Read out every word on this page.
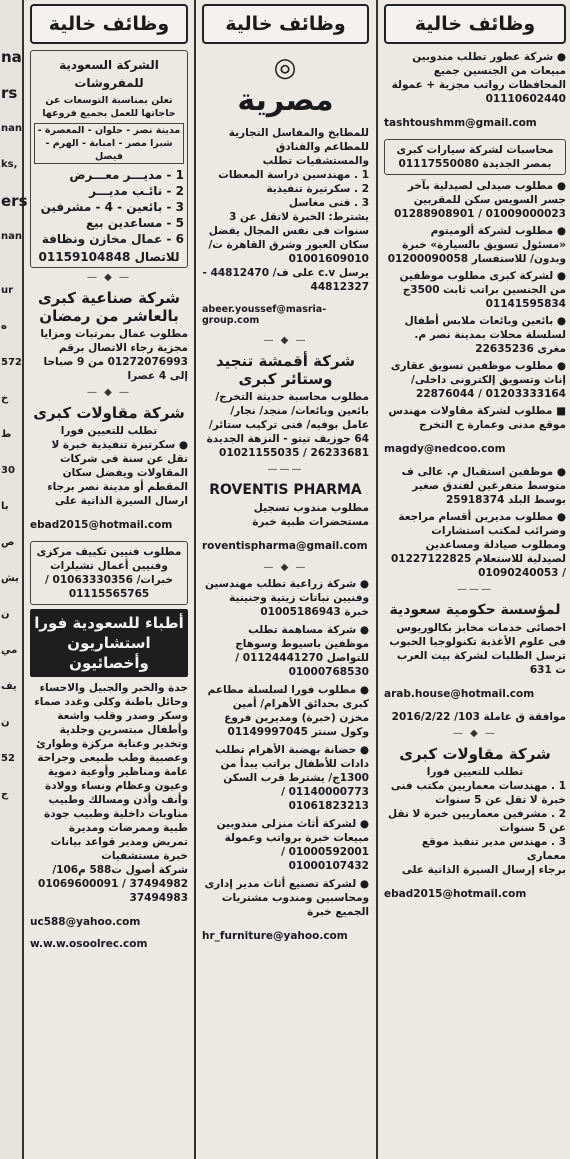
na
rs
nan
ks,
ers
nan
ur
ه
572
خ
ط
30
با
ص
يش
ن
مي
يف
ن
52
ج
وظائف خالية
الشركة السعودية للمفروشات

تعلن بمناسبة التوسعات عن حاجاتها للعمل بجميع فروعها

مدينة نصر - حلوان - المعصرة - شبرا مصر - امبابة - الهرم - فيصل

1 - مديـــر معـــرض

2 - نائـب مديـــر

3 - بائعين - 4 - مشرفين

5 - مساعدين بيع

6 - عمال مخازن ونظافة

للاتصال 01159104848

— ◆ —
شركة صناعية كبرى بالعاشر من رمضان

مطلوب عمال بمرتبات ومزايا مجزية رجاء الاتصال برقم 01272076993 من 9 صباحا إلى 4 عصرا

— ◆ —
شركة مقاولات كبرى

تطلب للتعيين فورا

● سكرتيرة تنفيذية خبرة لا تقل عن سنة فى شركات المقاولات ويفضل سكان المقطم أو مدينة نصر برجاء ارسال السيرة الذاتية على

ebad2015@hotmail.com

مطلوب فنيين تكييف مركزى وفنيين أعمال تشيلرات خبرات/ 01063330356 / 01115565765

أطباء للسعودية فورا استشاريون وأخصائيون

جدة والخبر والجبيل والاحساء وحائل باطنة وكلى وغدد صماء وسكر وصدر وقلب واشعة وأطفال مبتسرين وجلدية وتخدير وعناية مركزة وطوارئ وعصبية وطب طبيعى وجراحة عامة ومناظير وأوعية دموية وعيون وعظام ونساء وولادة وأنف وأذن ومسالك وطبيب مناوبات داخلية وطبيب جودة طبية وممرضات ومديرة تمريض ومدير قواعد بيانات خبرة مستشفيات

شركة أصول ت588 م106/ 37494982 / 01069600091 37494983

uc588@yahoo.com

w.w.w.osoolrec.com

وظائف خالية
◎
مصرية

للمطابخ والمفاسل التجارية للمطاعم والفنادق والمستشفيات تطلب

1 . مهندسين دراسة المعطات

2 . سكرتيرة تنفيذية

3 . فنى مغاسل

يشترط: الخبرة لاتقل عن 3 سنوات فى نفس المجال يفضل سكان العبور وشرق القاهرة ت/ 01001609010

يرسل c.v على ف/ 44812470 - 44812327

abeer.youssef@masria-group.com

— ◆ —
شركة أقمشة تنجيد وستائر كبرى

مطلوب محاسبة حديثة التخرج/ بائعين وبائعات/ منجد/ نجار/ عامل بوفيه/ فنى تركيب ستائر/ 64 جوزيف تيتو - النزهة الجديدة 26233681 / 01021155035

———
ROVENTIS PHARMA

مطلوب مندوب تسجيل مستحضرات طبية خبرة

roventispharma@gmail.com

— ◆ —

● شركة زراعية تطلب مهندسين وفنيين نباتات زيتية وجنينية خبرة 01005186943

● شركة مساهمة تطلب موظفين باسيوط وسوهاج للتواصل 01124441270 / 01000768530

● مطلوب فورا لسلسلة مطاعم كبرى بحدائق الأهرام/ أمين مخزن (خبرة) ومديرين فروع وكول سنتر 01149997045

● حضانة بهضبة الأهرام تطلب دادات للأطفال براتب يبدأ من 1300ج/ يشترط قرب السكن 01140000773 / 01061823213

● لشركة أثاث منزلى مندوبين مبيعات خبرة برواتب وعمولة 01000592001 / 01000107432

● لشركة تصنيع أثاث مدير إدارى ومحاسبين ومندوب مشتريات الجميع خبرة

hr_furniture@yahoo.com

وظائف خالية

● شركة عطور تطلب مندوبين مبيعات من الجنسين جميع المحافظات رواتب مجزية + عمولة 01110602440

tashtoushmm@gmail.com

محاسبات لشركة سيارات كبرى بمصر الجديدة 01117550080

● مطلوب صيدلى لصيدلية بآخر جسر السويس سكن للمقربين 01009000023 / 01288908901

● مطلوب لشركة ألوميتوم «مسئول تسويق بالسيارة» خبرة وبدون/ للاستفسار 01200090058

● لشركة كبرى مطلوب موظفين من الجنسين براتب ثابت 3500ج 01141595834

● بائعين وبائعات ملابس أطفال لسلسلة محلات بمدينة نصر م. مغرى 22635236

● مطلوب موظفين تسويق عقارى إناث وتسويق إلكترونى داخلى/ 01203333164 / 22876044

■ مطلوب لشركة مقاولات مهندس موقع مدنى وعمارة ح التخرج

magdy@nedcoo.com

● موظفين استقبال م. عالى ف متوسط متفرغين لفندق صغير بوسط البلد 25918374

● مطلوب مديرين أقسام مراجعة وضرائب لمكتب استشارات ومطلوب صيادلة ومساعدين لصيدلية للاستعلام 01227122825 / 01090240053

———
لمؤسسة حكومية سعودية

اخصائى خدمات مخابز بكالوريوس فى علوم الأغذية تكنولوجيا الحبوب ترسل الطلبات لشركة بيت العرب ت 631

arab.house@hotmail.com

موافقة ق عاملة 103/ 2016/2/22

— ◆ —
شركة مقاولات كبرى

تطلب للتعيين فورا

1 . مهندسات معماريين مكتب فنى خبرة لا تقل عن 5 سنوات

2 . مشرفين معماريين خبرة لا تقل عن 5 سنوات

3 . مهندس مدير تنفيذ موقع معمارى

برجاء إرسال السيرة الذاتية على

ebad2015@hotmail.com
